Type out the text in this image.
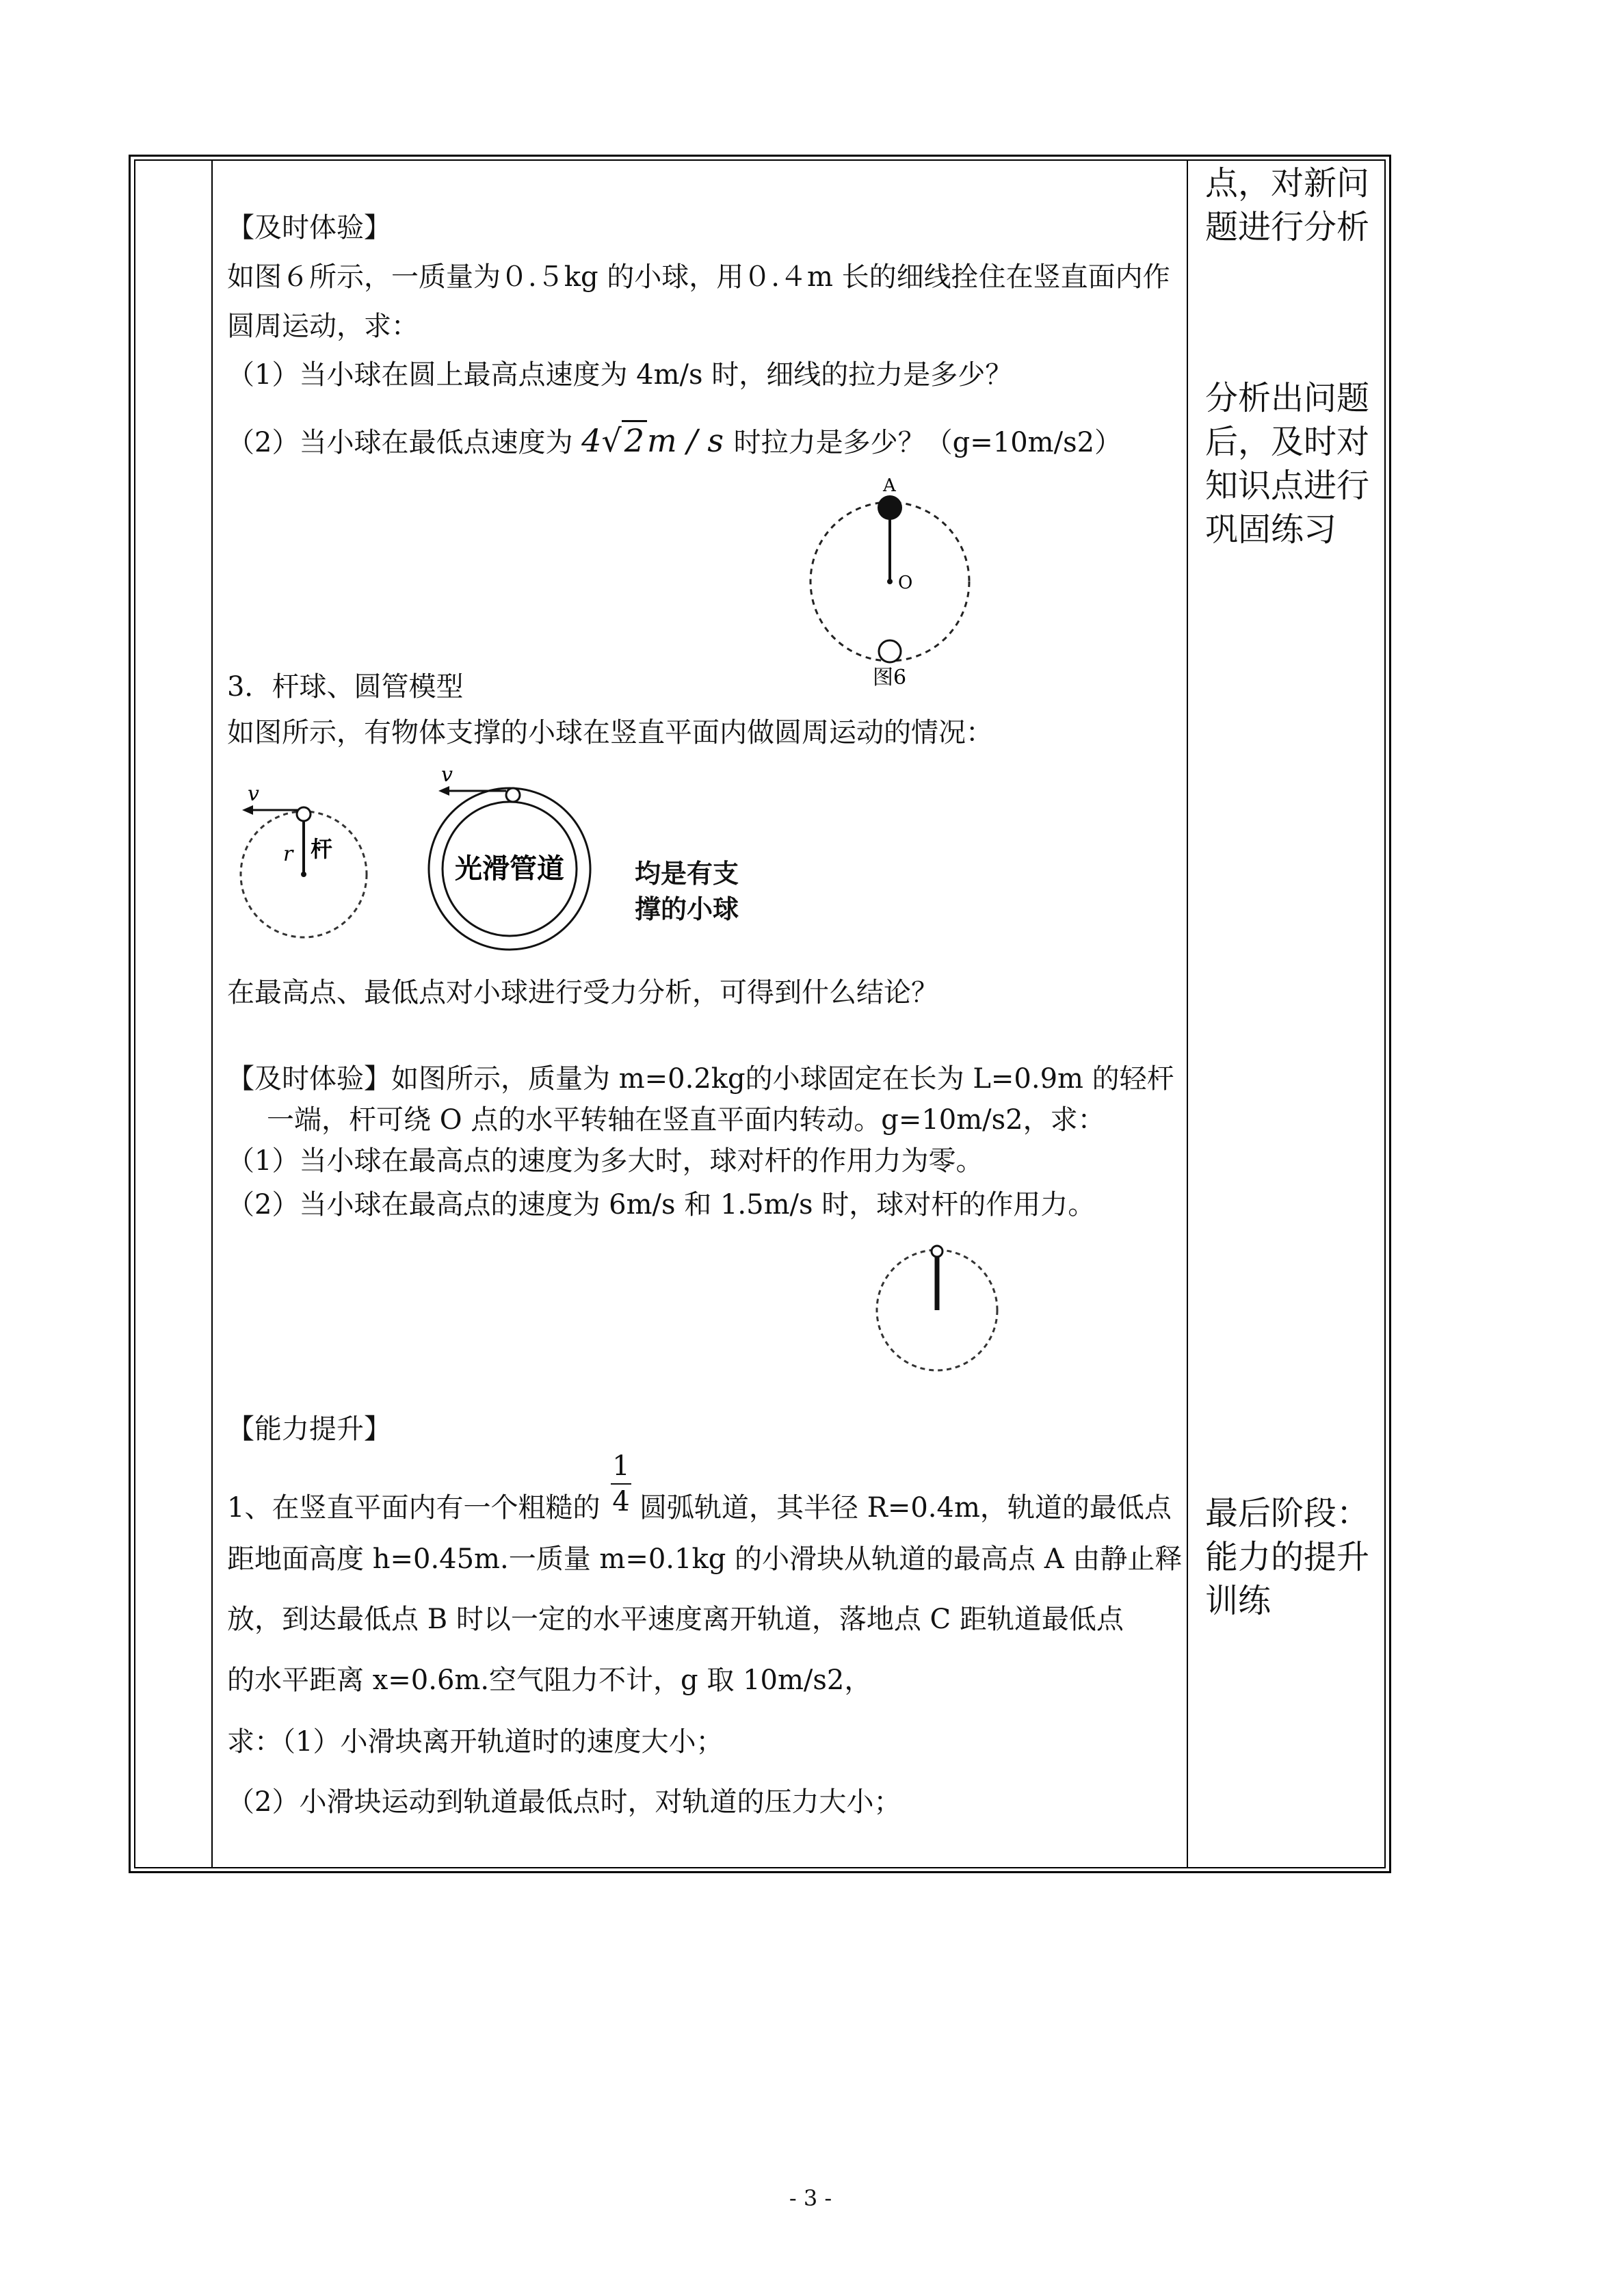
【及时体验】
如图６所示，一质量为０.５kg 的小球，用０.４m 长的细线拴住在竖直面内作
圆周运动，求：
（1）当小球在圆上最高点速度为 4m/s 时，细线的拉力是多少？
（2）当小球在最低点速度为 4√2m / s 时拉力是多少？（g=10m/s2）
A
O
图6
3．杆球、圆管模型
如图所示，有物体支撑的小球在竖直平面内做圆周运动的情况：
v
r 杆
v
光滑管道	均是有支
撑的小球
在最高点、最低点对小球进行受力分析，可得到什么结论？
【及时体验】如图所示，质量为 m=0.2kg的小球固定在长为 L=0.9m 的轻杆
一端，杆可绕 O 点的水平转轴在竖直平面内转动。g=10m/s2，求：
（1）当小球在最高点的速度为多大时，球对杆的作用力为零。
（2）当小球在最高点的速度为 6m/s 和 1.5m/s 时，球对杆的作用力。
【能力提升】
1
4
1、在竖直平面内有一个粗糙的 圆弧轨道，其半径 R=0.4m，轨道的最低点
距地面高度 h=0.45m.一质量 m=0.1kg 的小滑块从轨道的最高点 A 由静止释
放，到达最低点 B 时以一定的水平速度离开轨道，落地点 C 距轨道最低点
的水平距离 x=0.6m.空气阻力不计，g 取 10m/s2，
求：（1）小滑块离开轨道时的速度大小；
（2）小滑块运动到轨道最低点时，对轨道的压力大小；
点，对新问
题进行分析
分析出问题
后，及时对
知识点进行
巩固练习
最后阶段：
能力的提升
训练
- 3 -
